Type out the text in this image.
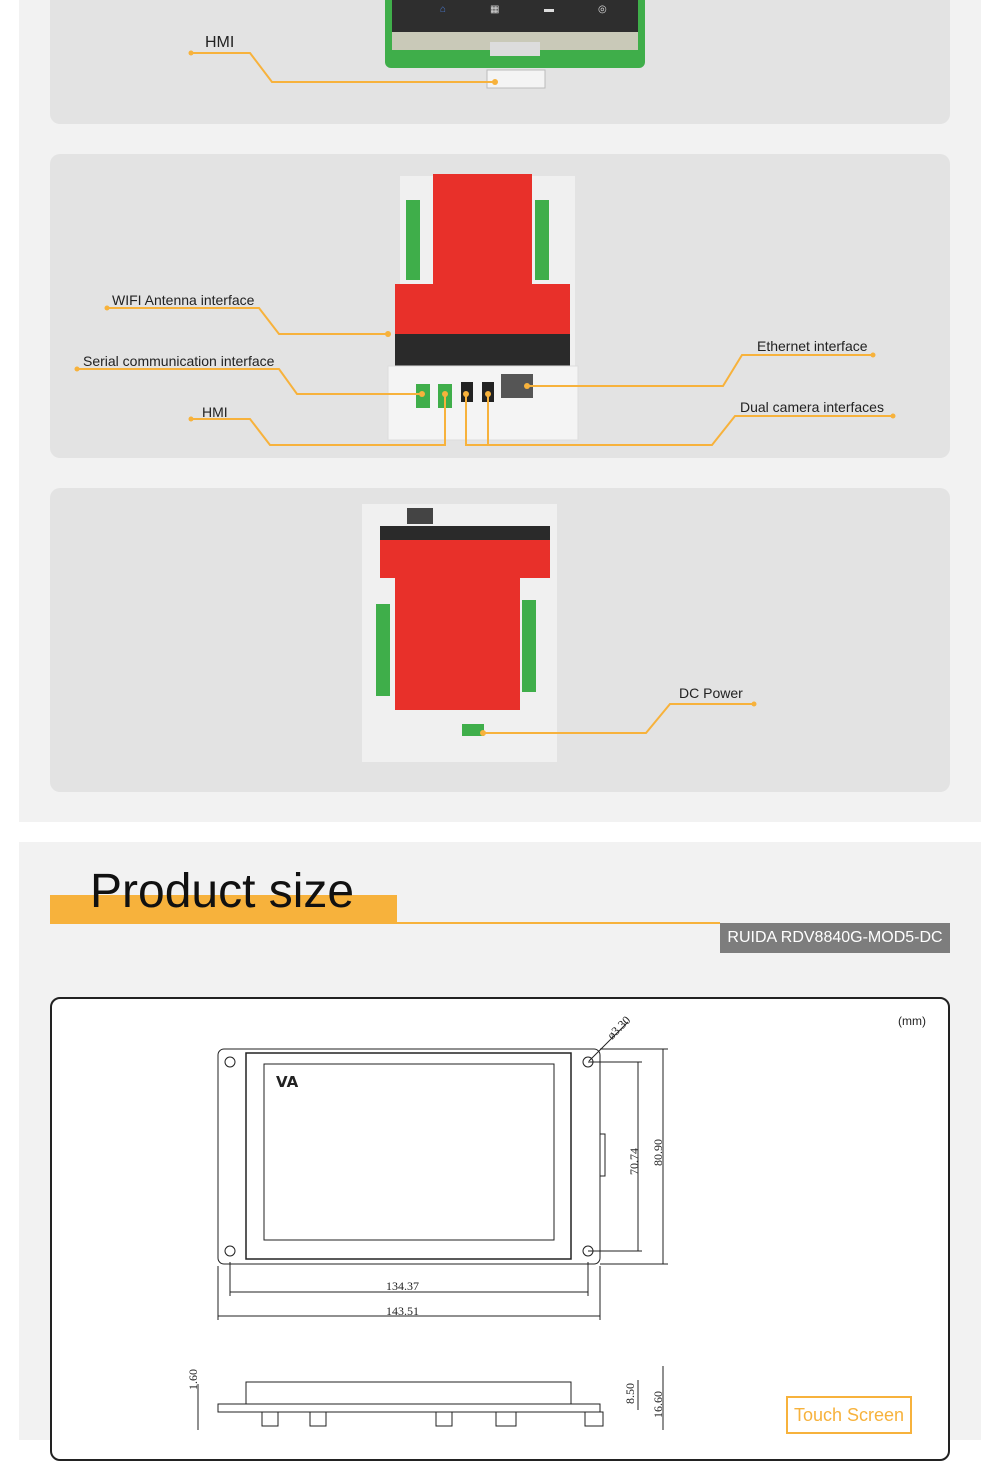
⌂	▦	▬	◎
HMI
WIFI Antenna interface
Serial communication interface
HMI
Ethernet interface
Dual camera interfaces
DC Power
Product size
RUIDA RDV8840G-MOD5-DC
(mm)
VA
ø3.30
70.74 80.90
134.37
143.51
1.60
8.50 16.60	Touch Screen
